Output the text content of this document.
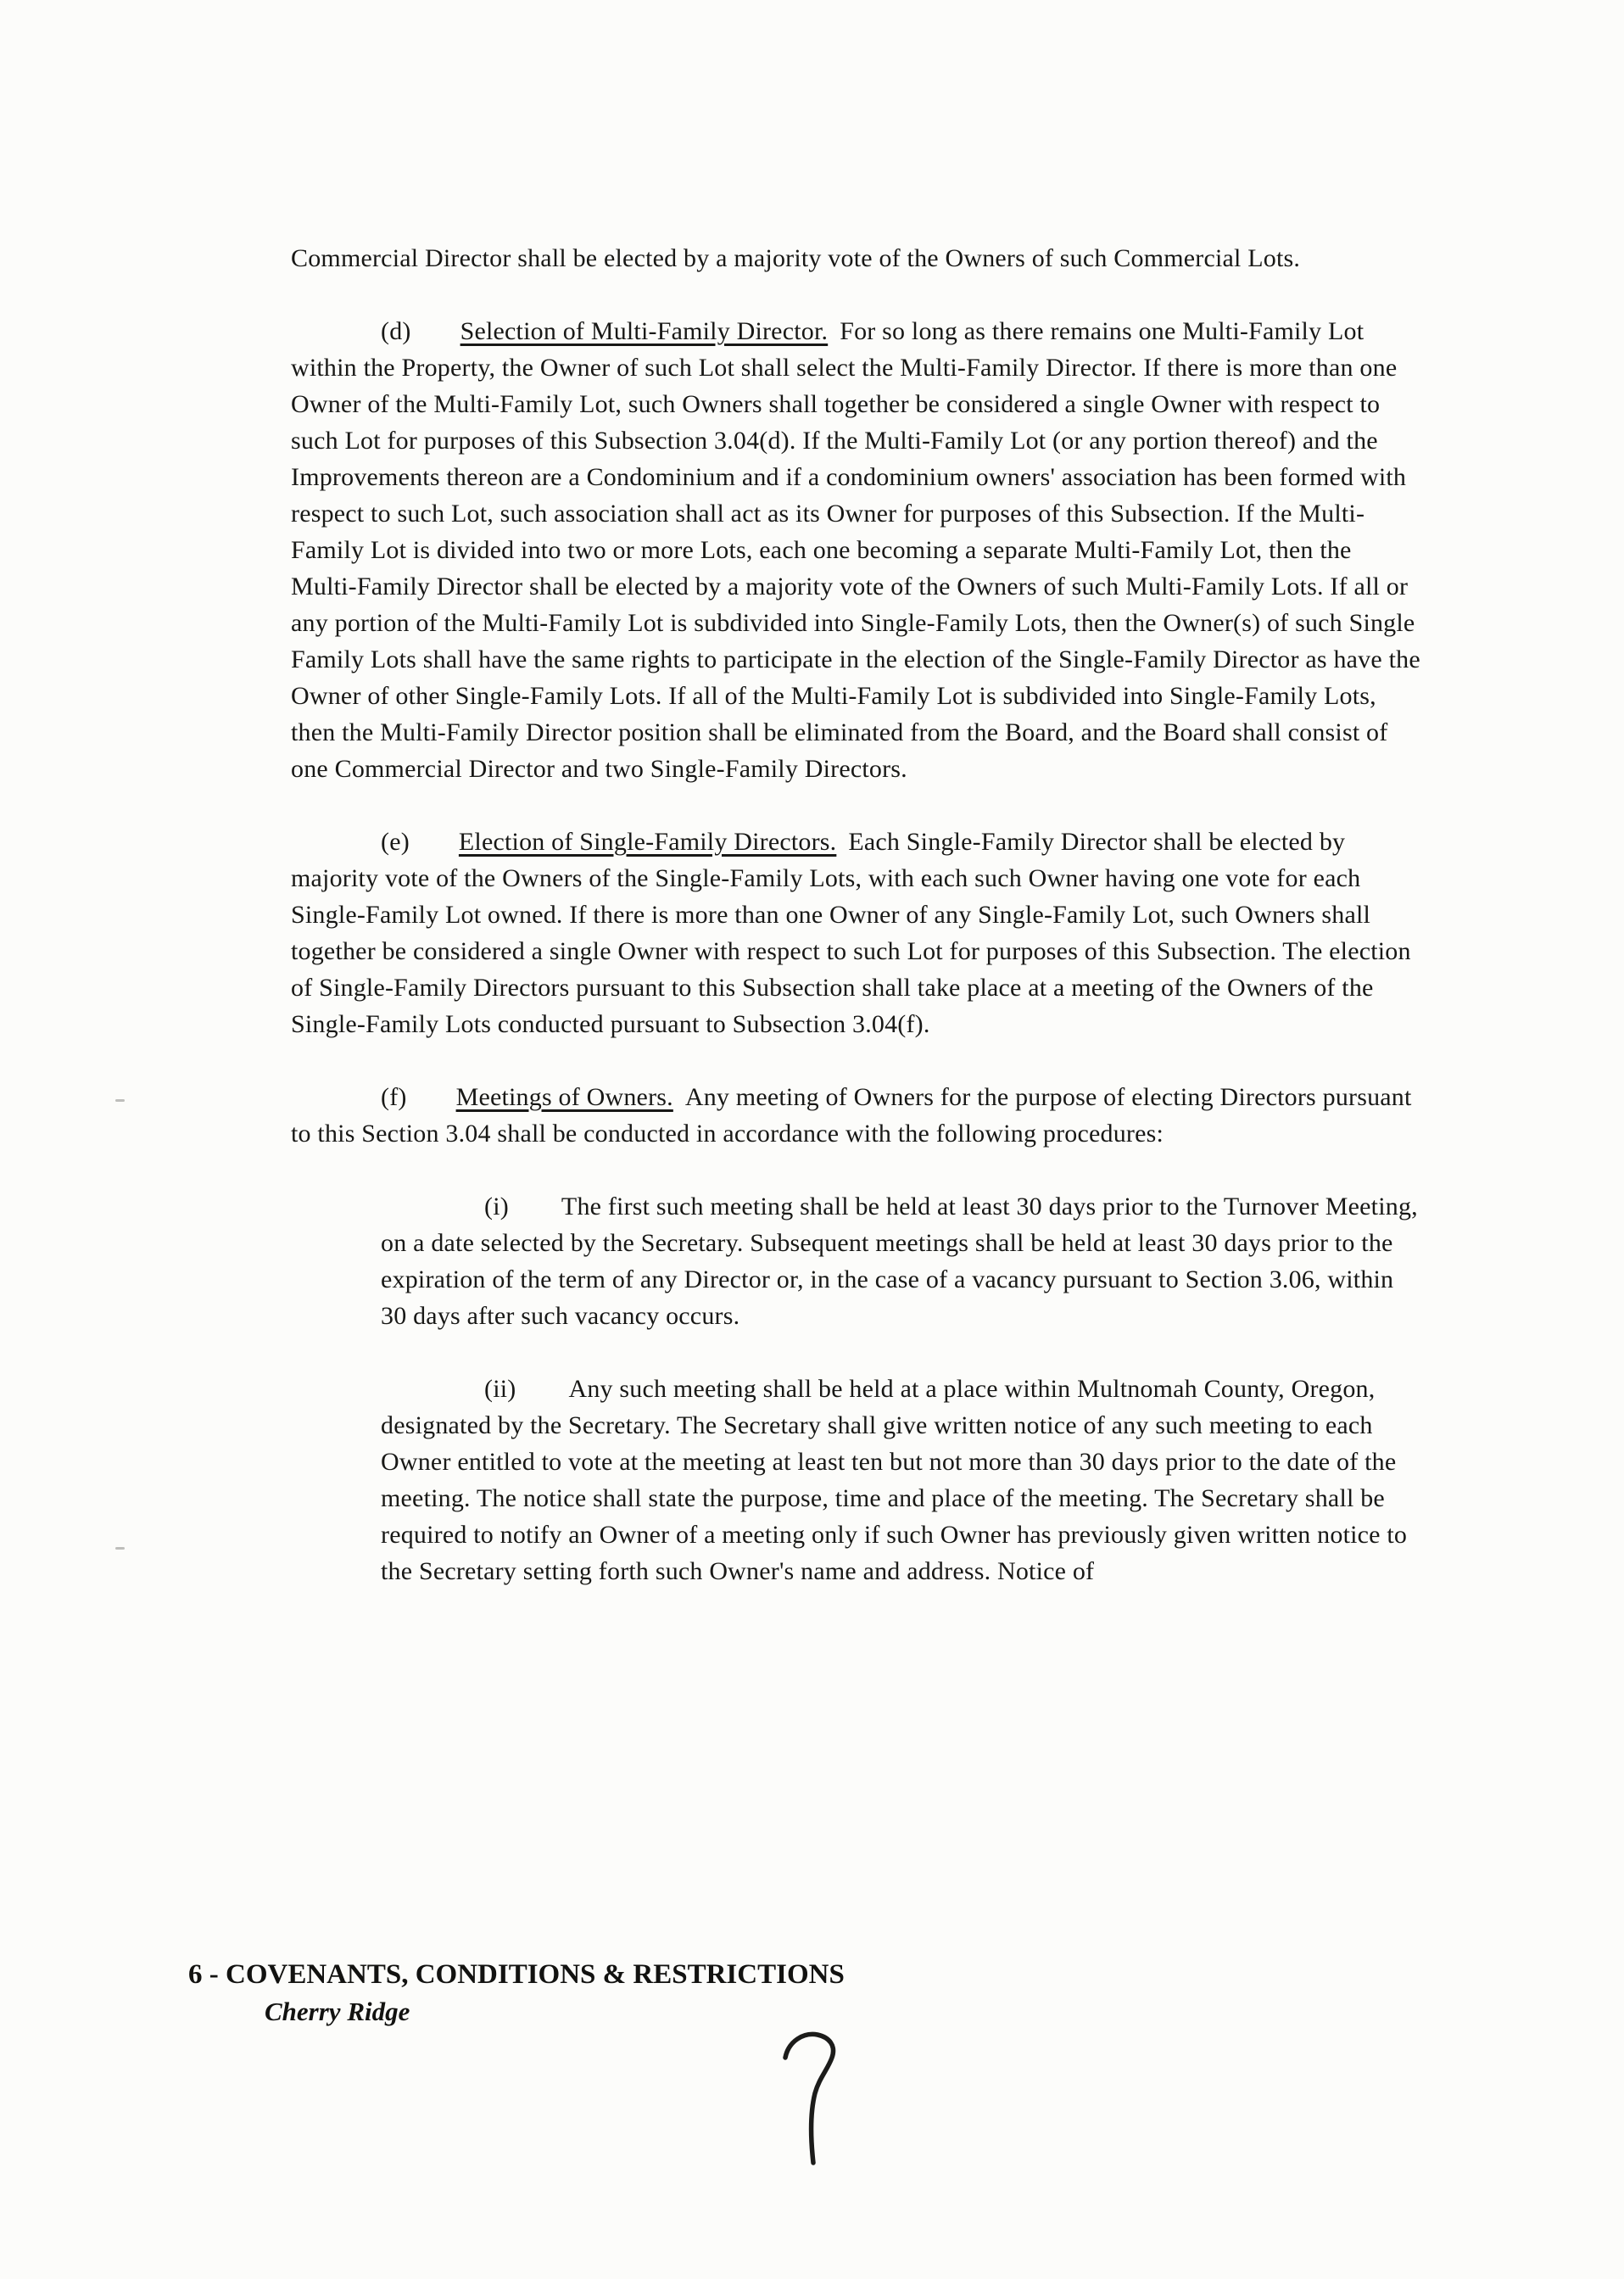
Commercial Director shall be elected by a majority vote of the Owners of such Commercial Lots.

(d) Selection of Multi-Family Director. For so long as there remains one Multi-Family Lot within the Property, the Owner of such Lot shall select the Multi-Family Director. If there is more than one Owner of the Multi-Family Lot, such Owners shall together be considered a single Owner with respect to such Lot for purposes of this Subsection 3.04(d). If the Multi-Family Lot (or any portion thereof) and the Improvements thereon are a Condominium and if a condominium owners' association has been formed with respect to such Lot, such association shall act as its Owner for purposes of this Subsection. If the Multi-Family Lot is divided into two or more Lots, each one becoming a separate Multi-Family Lot, then the Multi-Family Director shall be elected by a majority vote of the Owners of such Multi-Family Lots. If all or any portion of the Multi-Family Lot is subdivided into Single-Family Lots, then the Owner(s) of such Single Family Lots shall have the same rights to participate in the election of the Single-Family Director as have the Owner of other Single-Family Lots. If all of the Multi-Family Lot is subdivided into Single-Family Lots, then the Multi-Family Director position shall be eliminated from the Board, and the Board shall consist of one Commercial Director and two Single-Family Directors.

(e) Election of Single-Family Directors. Each Single-Family Director shall be elected by majority vote of the Owners of the Single-Family Lots, with each such Owner having one vote for each Single-Family Lot owned. If there is more than one Owner of any Single-Family Lot, such Owners shall together be considered a single Owner with respect to such Lot for purposes of this Subsection. The election of Single-Family Directors pursuant to this Subsection shall take place at a meeting of the Owners of the Single-Family Lots conducted pursuant to Subsection 3.04(f).

(f) Meetings of Owners. Any meeting of Owners for the purpose of electing Directors pursuant to this Section 3.04 shall be conducted in accordance with the following procedures:

(i) The first such meeting shall be held at least 30 days prior to the Turnover Meeting, on a date selected by the Secretary. Subsequent meetings shall be held at least 30 days prior to the expiration of the term of any Director or, in the case of a vacancy pursuant to Section 3.06, within 30 days after such vacancy occurs.

(ii) Any such meeting shall be held at a place within Multnomah County, Oregon, designated by the Secretary. The Secretary shall give written notice of any such meeting to each Owner entitled to vote at the meeting at least ten but not more than 30 days prior to the date of the meeting. The notice shall state the purpose, time and place of the meeting. The Secretary shall be required to notify an Owner of a meeting only if such Owner has previously given written notice to the Secretary setting forth such Owner's name and address. Notice of

6 - COVENANTS, CONDITIONS & RESTRICTIONS
Cherry Ridge
